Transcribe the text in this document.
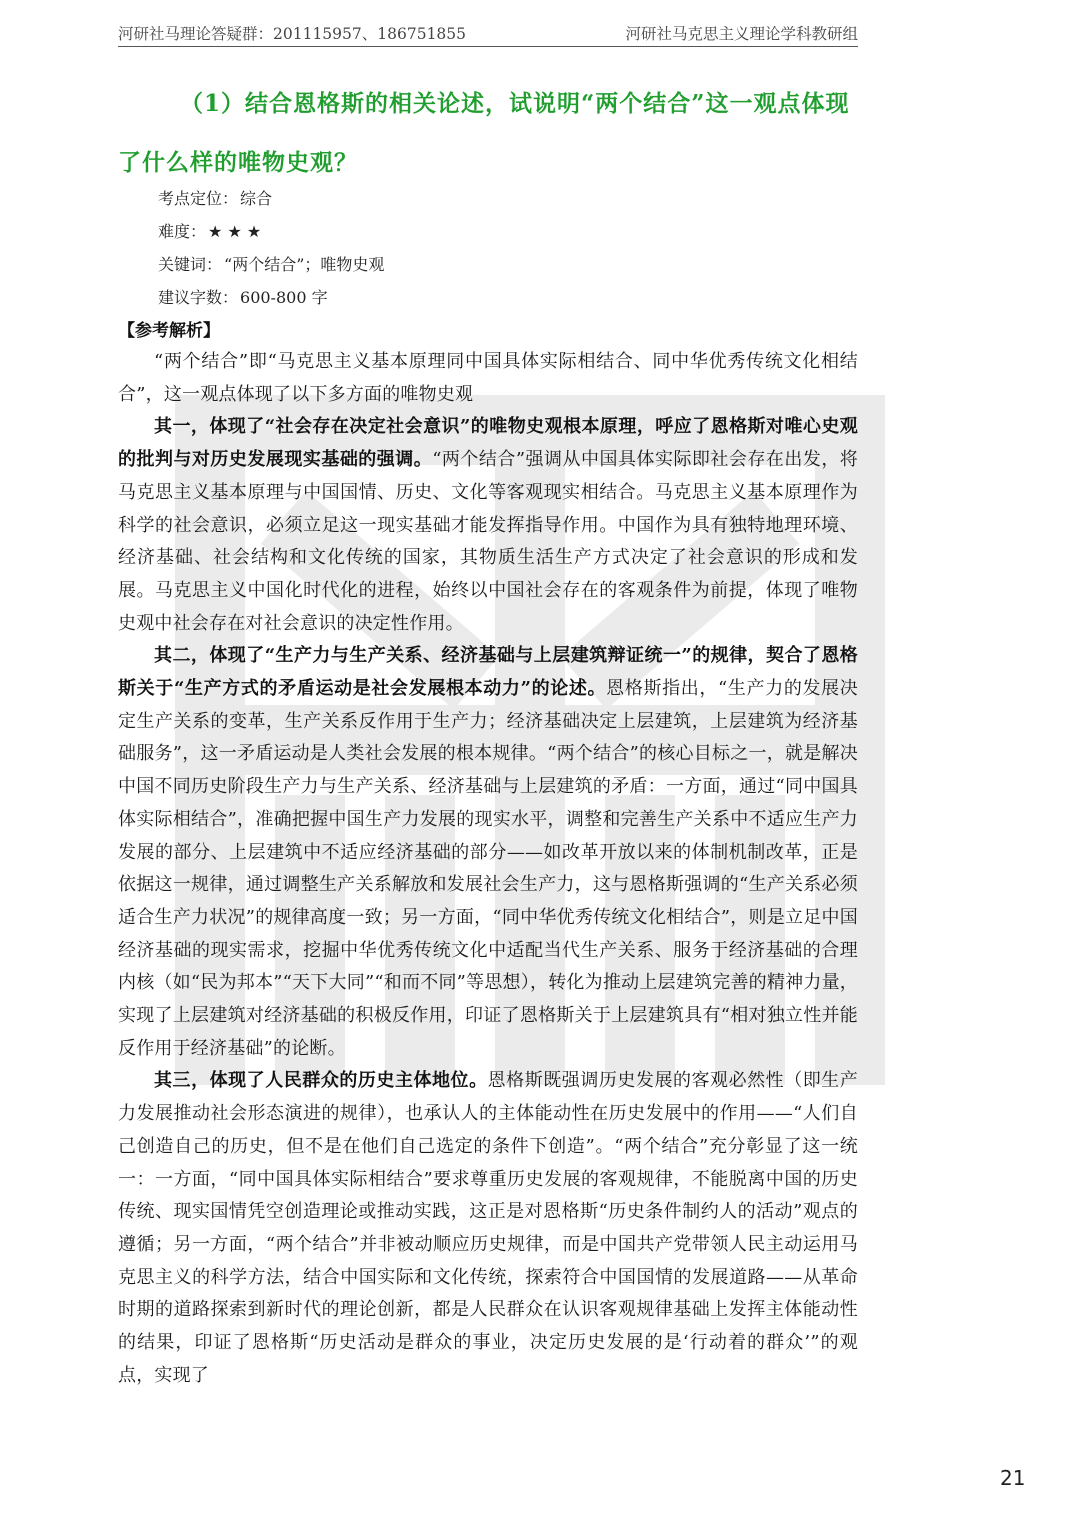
河研社马理论答疑群：201115957、186751855	河研社马克思主义理论学科教研组
（1）结合恩格斯的相关论述，试说明“两个结合”这一观点体现了什么样的唯物史观？
考点定位： 综合
难度： ★ ★ ★
关键词： “两个结合”；唯物史观
建议字数： 600-800 字
【参考解析】

“两个结合”即“马克思主义基本原理同中国具体实际相结合、同中华优秀传统文化相结合”，这一观点体现了以下多方面的唯物史观

其一，体现了“社会存在决定社会意识”的唯物史观根本原理，呼应了恩格斯对唯心史观的批判与对历史发展现实基础的强调。“两个结合”强调从中国具体实际即社会存在出发，将马克思主义基本原理与中国国情、历史、文化等客观现实相结合。马克思主义基本原理作为科学的社会意识，必须立足这一现实基础才能发挥指导作用。中国作为具有独特地理环境、经济基础、社会结构和文化传统的国家，其物质生活生产方式决定了社会意识的形成和发展。马克思主义中国化时代化的进程，始终以中国社会存在的客观条件为前提，体现了唯物史观中社会存在对社会意识的决定性作用。

其二，体现了“生产力与生产关系、经济基础与上层建筑辩证统一”的规律，契合了恩格斯关于“生产方式的矛盾运动是社会发展根本动力”的论述。恩格斯指出，“生产力的发展决定生产关系的变革，生产关系反作用于生产力；经济基础决定上层建筑，上层建筑为经济基础服务”，这一矛盾运动是人类社会发展的根本规律。“两个结合”的核心目标之一，就是解决中国不同历史阶段生产力与生产关系、经济基础与上层建筑的矛盾：一方面，通过“同中国具体实际相结合”，准确把握中国生产力发展的现实水平，调整和完善生产关系中不适应生产力发展的部分、上层建筑中不适应经济基础的部分——如改革开放以来的体制机制改革，正是依据这一规律，通过调整生产关系解放和发展社会生产力，这与恩格斯强调的“生产关系必须适合生产力状况”的规律高度一致；另一方面，“同中华优秀传统文化相结合”，则是立足中国经济基础的现实需求，挖掘中华优秀传统文化中适配当代生产关系、服务于经济基础的合理内核（如“民为邦本”“天下大同”“和而不同”等思想），转化为推动上层建筑完善的精神力量，实现了上层建筑对经济基础的积极反作用，印证了恩格斯关于上层建筑具有“相对独立性并能反作用于经济基础”的论断。

其三，体现了人民群众的历史主体地位。恩格斯既强调历史发展的客观必然性（即生产力发展推动社会形态演进的规律），也承认人的主体能动性在历史发展中的作用——“人们自己创造自己的历史，但不是在他们自己选定的条件下创造”。“两个结合”充分彰显了这一统一：一方面，“同中国具体实际相结合”要求尊重历史发展的客观规律，不能脱离中国的历史传统、现实国情凭空创造理论或推动实践，这正是对恩格斯“历史条件制约人的活动”观点的遵循；另一方面，“两个结合”并非被动顺应历史规律，而是中国共产党带领人民主动运用马克思主义的科学方法，结合中国实际和文化传统，探索符合中国国情的发展道路——从革命时期的道路探索到新时代的理论创新，都是人民群众在认识客观规律基础上发挥主体能动性的结果，印证了恩格斯“历史活动是群众的事业，决定历史发展的是‘行动着的群众’”的观点，实现了

21
